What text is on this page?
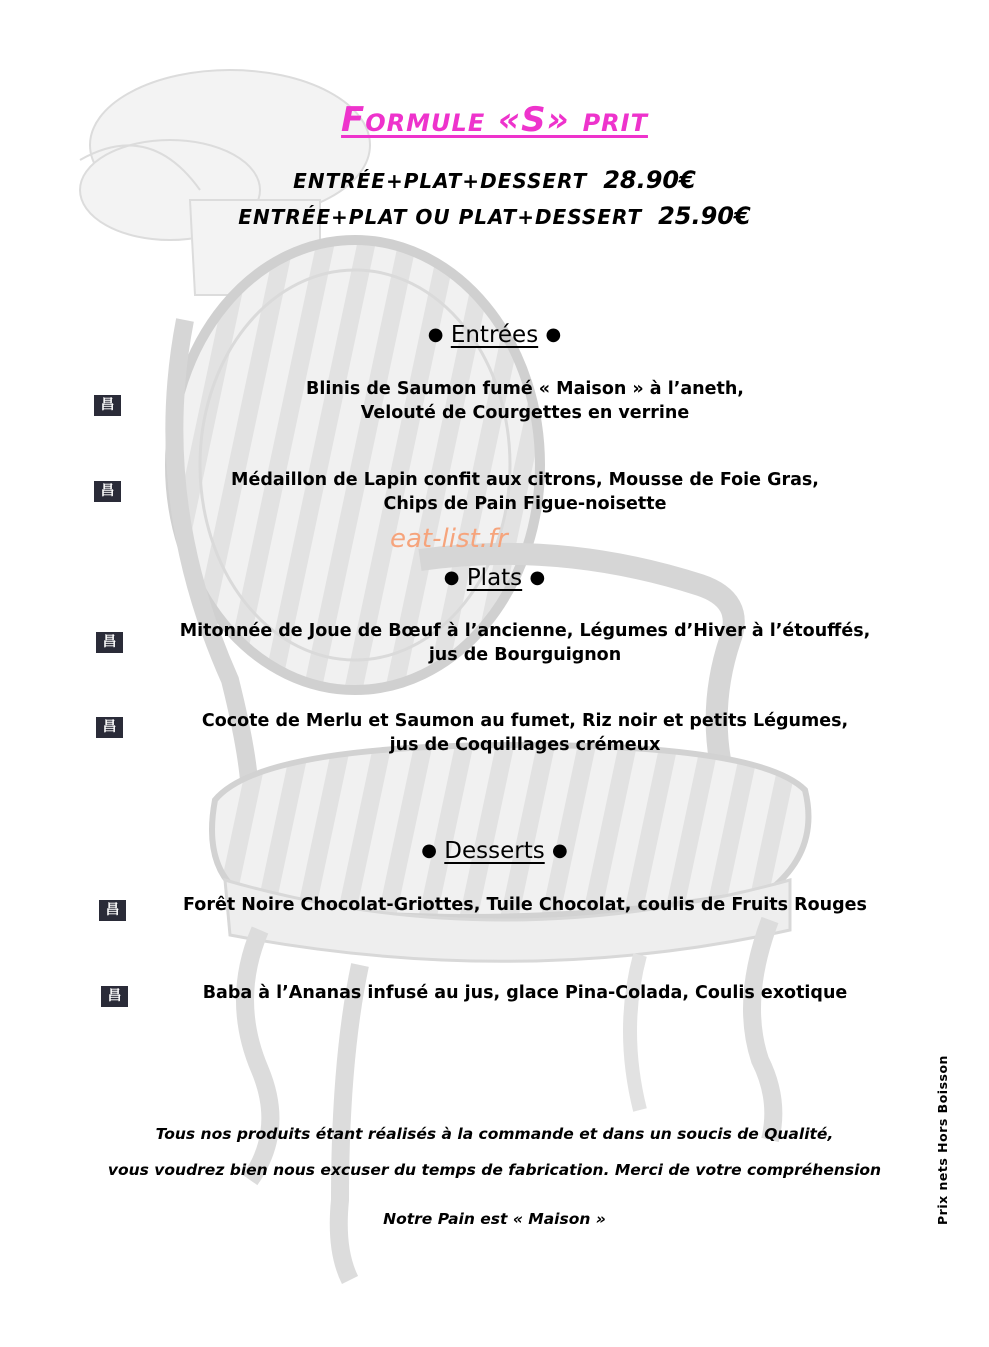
Formule «S» prit
ENTRÉE+PLAT+DESSERT 28.90€
ENTRÉE+PLAT OU PLAT+DESSERT 25.90€
● Entrées ●
昌
Blinis de Saumon fumé « Maison » à l’aneth,
Velouté de Courgettes en verrine
昌
Médaillon de Lapin confit aux citrons, Mousse de Foie Gras,
Chips de Pain Figue-noisette
eat-list.fr
● Plats ●
昌
Mitonnée de Joue de Bœuf à l’ancienne, Légumes d’Hiver à l’étouffés,
jus de Bourguignon
昌	Cocote de Merlu et Saumon au fumet, Riz noir et petits Légumes,
jus de Coquillages crémeux
● Desserts ●
昌	Forêt Noire Chocolat-Griottes, Tuile Chocolat, coulis de Fruits Rouges
昌	Baba à l’Ananas infusé au jus, glace Pina-Colada, Coulis exotique
Tous nos produits étant réalisés à la commande et dans un soucis de Qualité,
vous voudrez bien nous excuser du temps de fabrication. Merci de votre compréhension
Notre Pain est « Maison »	Prix nets Hors Boisson
